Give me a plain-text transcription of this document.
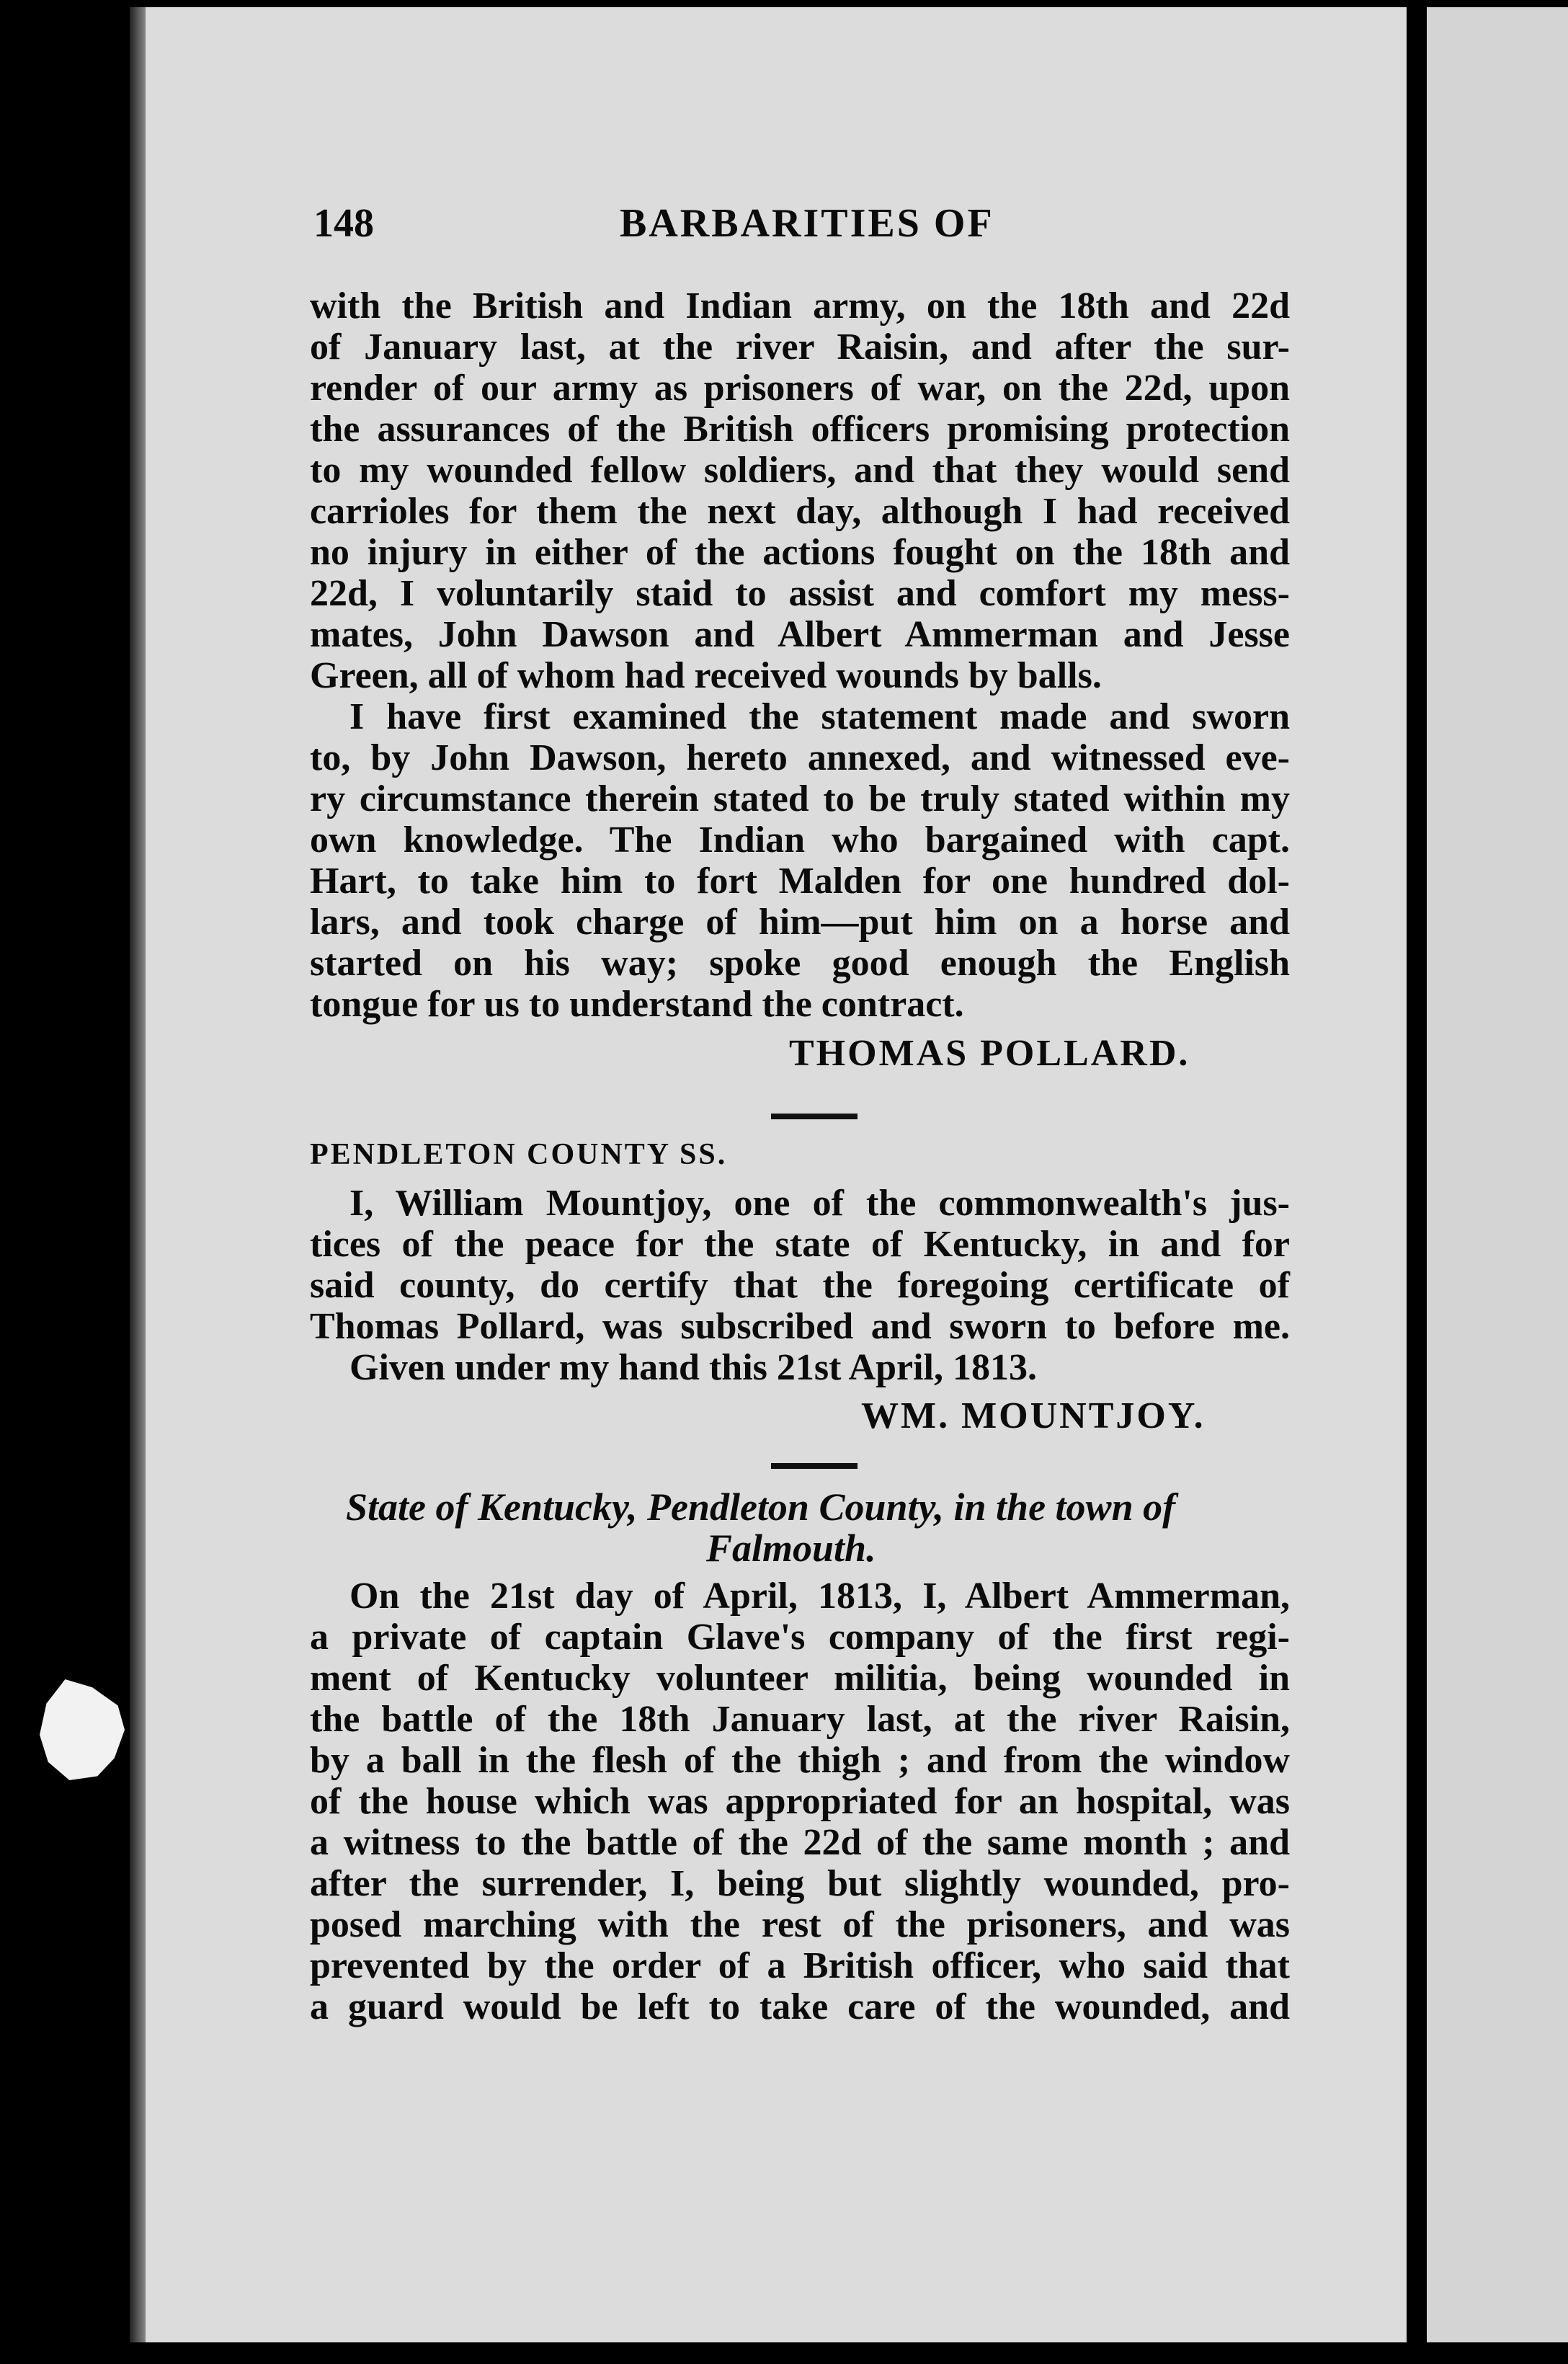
148	BARBARITIES OF
with the British and Indian army, on the 18th and 22d
of January last, at the river Raisin, and after the sur-
render of our army as prisoners of war, on the 22d, upon
the assurances of the British officers promising protection
to my wounded fellow soldiers, and that they would send
carrioles for them the next day, although I had received
no injury in either of the actions fought on the 18th and
22d, I voluntarily staid to assist and comfort my mess-
mates, John Dawson and Albert Ammerman and Jesse
Green, all of whom had received wounds by balls.
I have first examined the statement made and sworn
to, by John Dawson, hereto annexed, and witnessed eve-
ry circumstance therein stated to be truly stated within my
own knowledge. The Indian who bargained with capt.
Hart, to take him to fort Malden for one hundred dol-
lars, and took charge of him—put him on a horse and
started on his way; spoke good enough the English
tongue for us to understand the contract.
THOMAS POLLARD.
PENDLETON COUNTY SS.
I, William Mountjoy, one of the commonwealth's jus-
tices of the peace for the state of Kentucky, in and for
said county, do certify that the foregoing certificate of
Thomas Pollard, was subscribed and sworn to before me.
Given under my hand this 21st April, 1813.
WM. MOUNTJOY.
State of Kentucky, Pendleton County, in the town of
Falmouth.
On the 21st day of April, 1813, I, Albert Ammerman,
a private of captain Glave's company of the first regi-
ment of Kentucky volunteer militia, being wounded in
the battle of the 18th January last, at the river Raisin,
by a ball in the flesh of the thigh ; and from the window
of the house which was appropriated for an hospital, was
a witness to the battle of the 22d of the same month ; and
after the surrender, I, being but slightly wounded, pro-
posed marching with the rest of the prisoners, and was
prevented by the order of a British officer, who said that
a guard would be left to take care of the wounded, and
